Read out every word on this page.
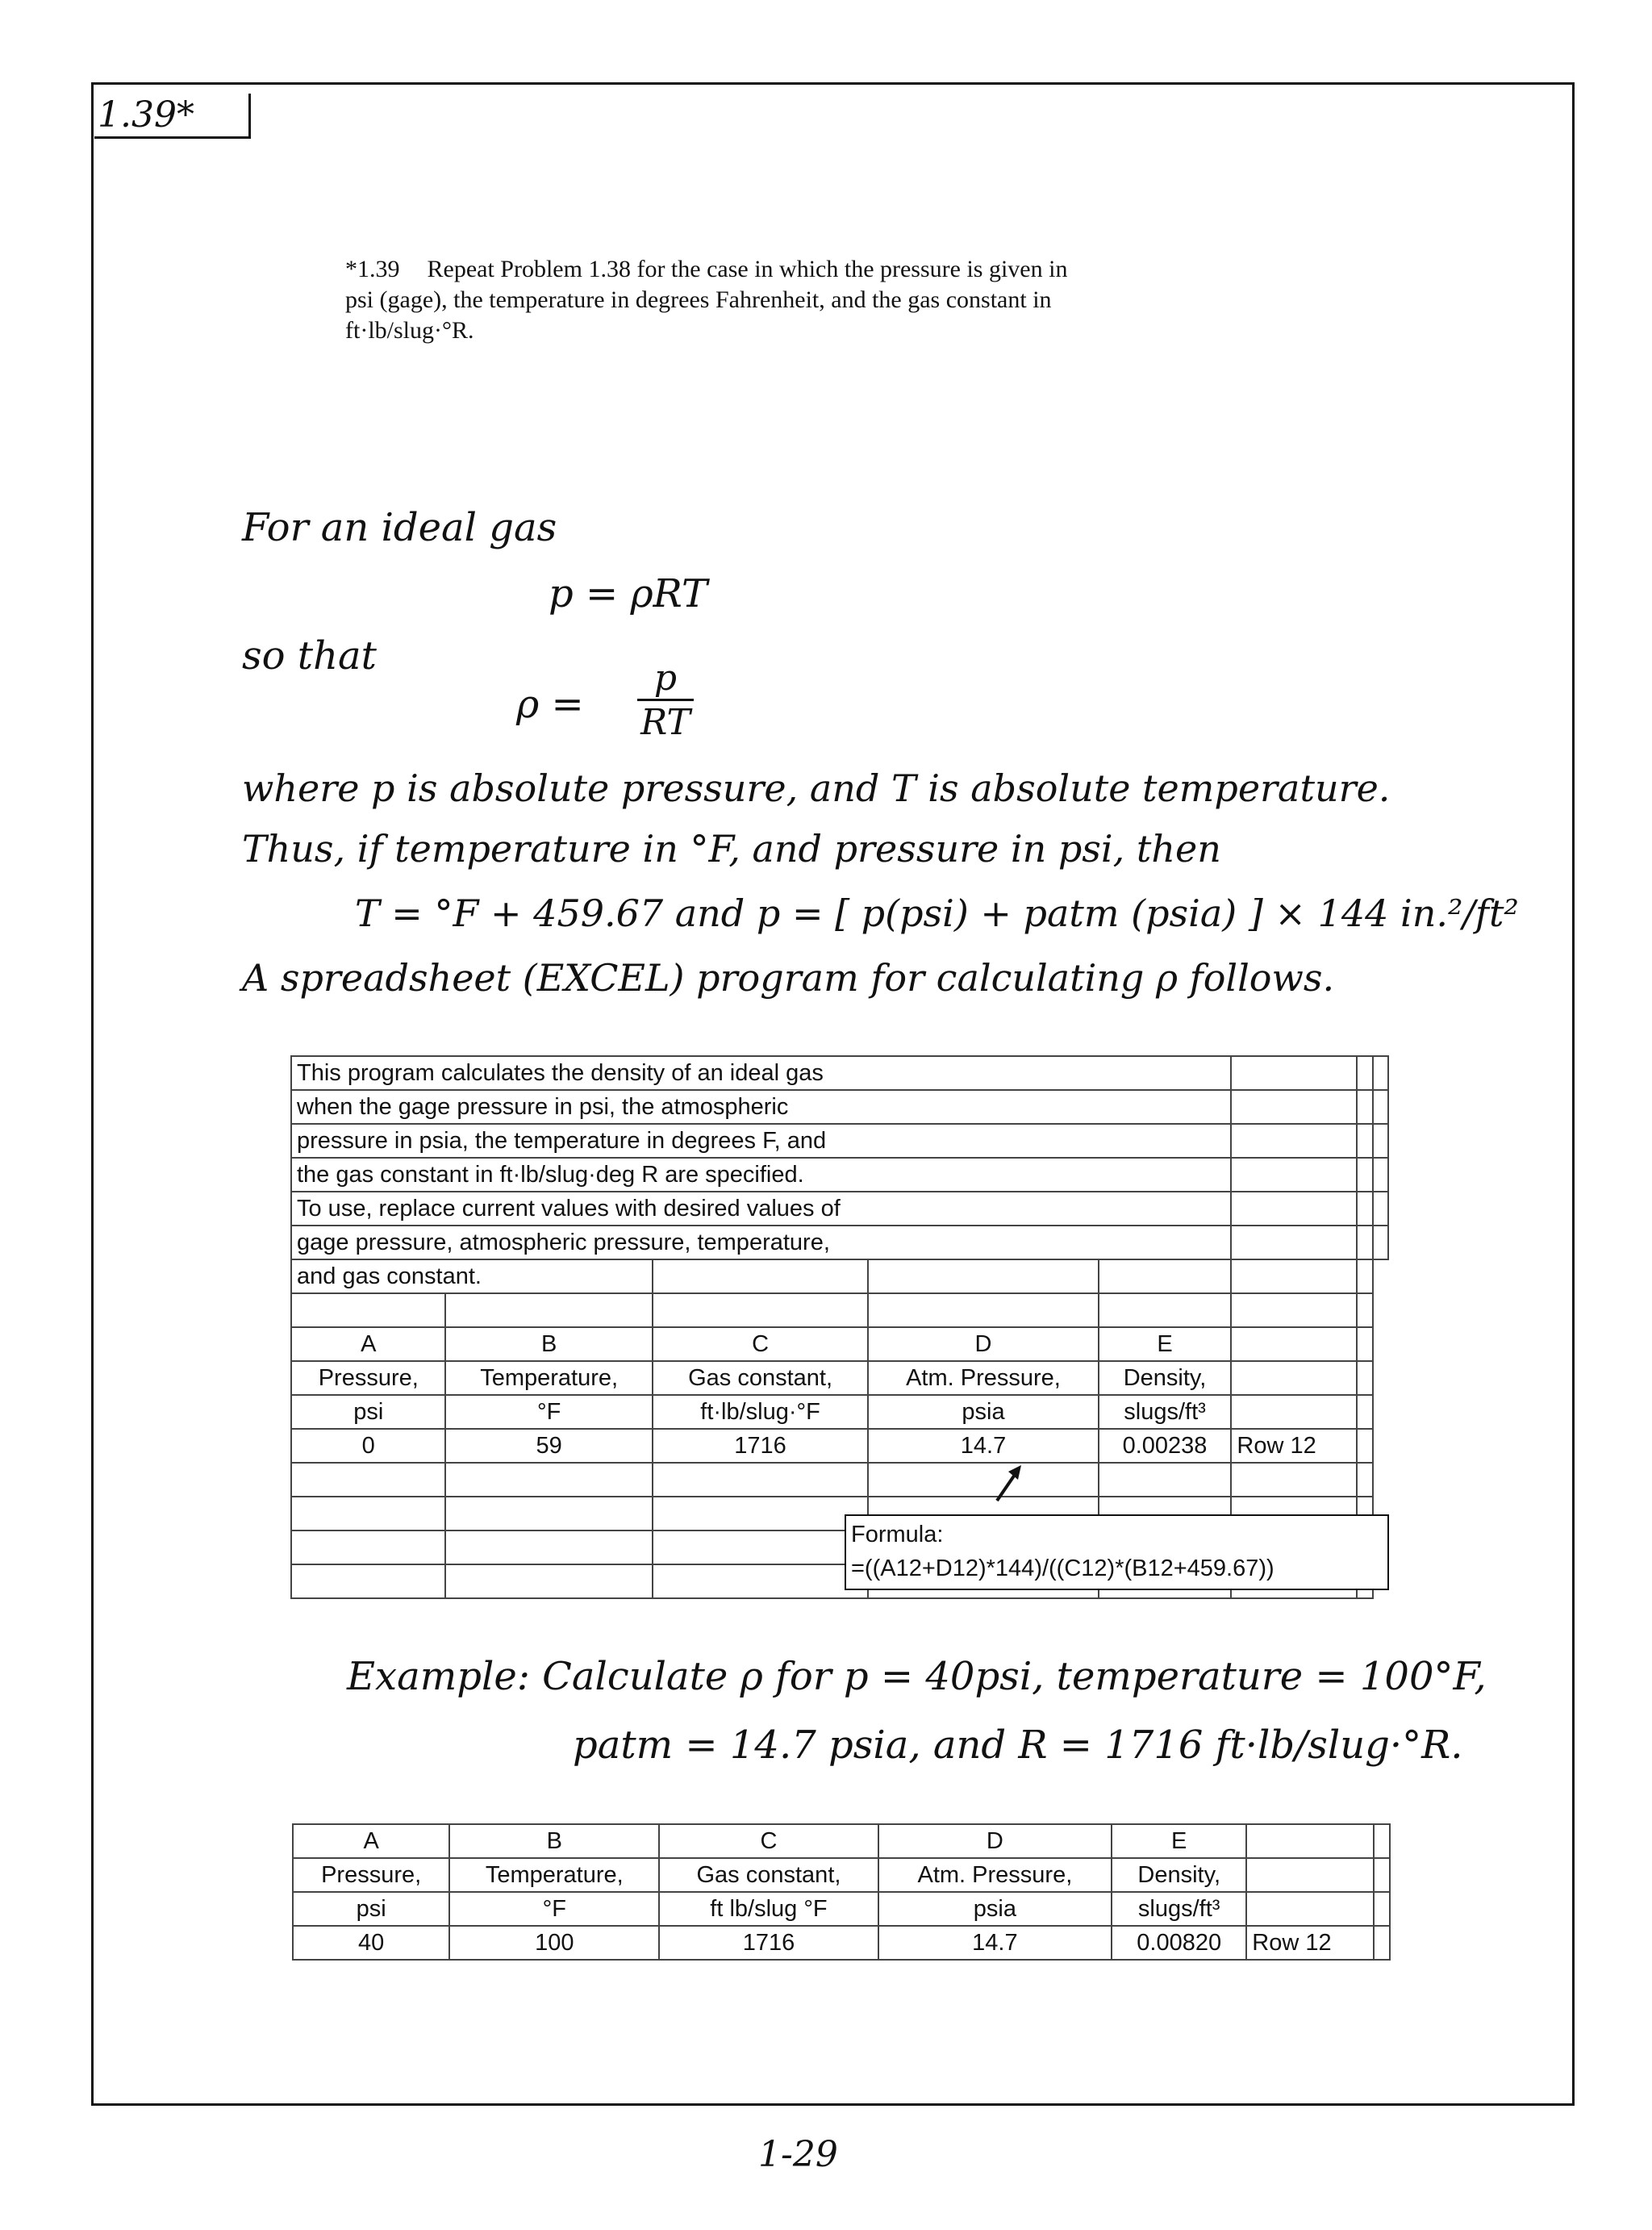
1.39*
*1.39 Repeat Problem 1.38 for the case in which the pressure is given in psi (gage), the temperature in degrees Fahrenheit, and the gas constant in ft·lb/slug·°R.
For an ideal gas
p = ρRT
so that
ρ =
p
RT
where p is absolute pressure, and T is absolute temperature.
Thus, if temperature in °F, and pressure in psi, then
T = °F + 459.67 and p = [ p(psi) + patm (psia) ] × 144 in.²/ft²
A spreadsheet (EXCEL) program for calculating ρ follows.
This program calculates the density of an ideal gas							
when the gage pressure in psi, the atmospheric							
pressure in psia, the temperature in degrees F, and							
the gas constant in ft·lb/slug·deg R are specified.							
To use, replace current values with desired values of							
gage pressure, atmospheric pressure, temperature,							
and gas constant.							

A	B	C	D	E			
Pressure,	Temperature,	Gas constant,	Atm. Pressure,	Density,			
psi	°F	ft·lb/slug·°F	psia	slugs/ft³			
0	59	1716	14.7	0.00238	Row 12		

Formula:
=((A12+D12)*144)/((C12)*(B12+459.67))
Example: Calculate ρ for p = 40psi, temperature = 100°F,
patm = 14.7 psia, and R = 1716 ft·lb/slug·°R.
A	B	C	D	E		
Pressure,	Temperature,	Gas constant,	Atm. Pressure,	Density,		
psi	°F	ft lb/slug °F	psia	slugs/ft³		
40	100	1716	14.7	0.00820	Row 12	
1-29
